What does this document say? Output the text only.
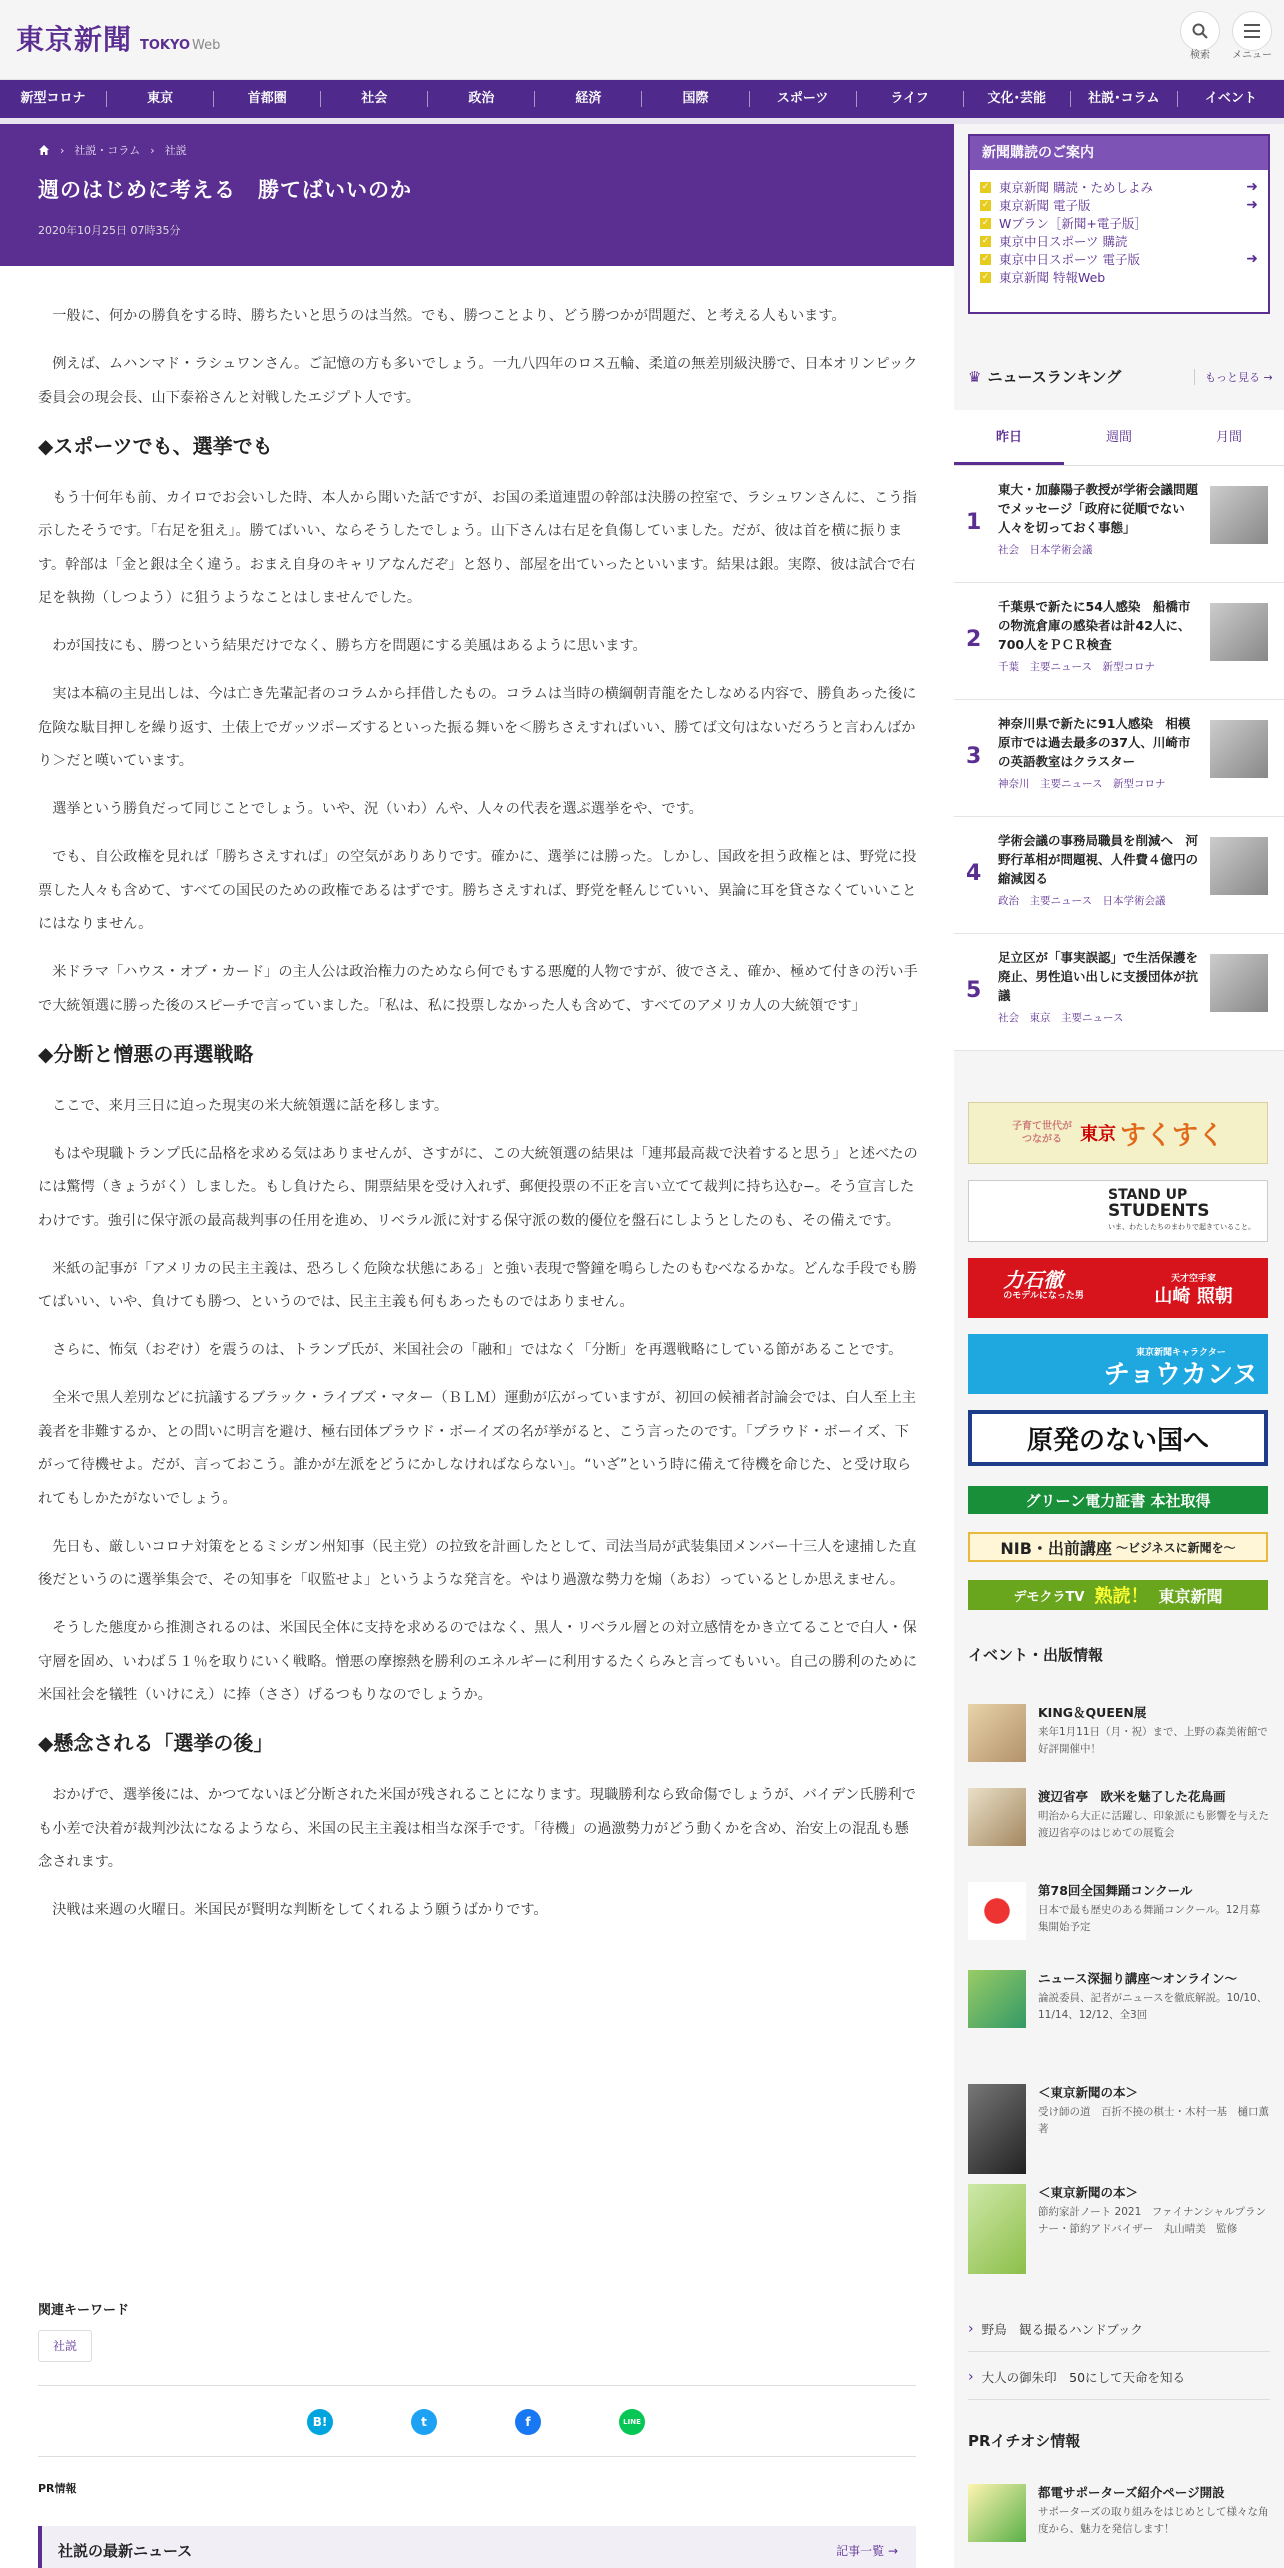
東京新聞 TOKYO Web
検索	メニュー
新型コロナ	東京	首都圏	社会	政治	経済	国際	スポーツ	ライフ	文化･芸能	社説･コラム	イベント
› 社説・コラム › 社説
週のはじめに考える　勝てばいいのか
2020年10月25日 07時35分

一般に、何かの勝負をする時、勝ちたいと思うのは当然。でも、勝つことより、どう勝つかが問題だ、と考える人もいます。

例えば、ムハンマド・ラシュワンさん。ご記憶の方も多いでしょう。一九八四年のロス五輪、柔道の無差別級決勝で、日本オリンピック委員会の現会長、山下泰裕さんと対戦したエジプト人です。

◆スポーツでも、選挙でも

もう十何年も前、カイロでお会いした時、本人から聞いた話ですが、お国の柔道連盟の幹部は決勝の控室で、ラシュワンさんに、こう指示したそうです。「右足を狙え」。勝てばいい、ならそうしたでしょう。山下さんは右足を負傷していました。だが、彼は首を横に振ります。幹部は「金と銀は全く違う。おまえ自身のキャリアなんだぞ」と怒り、部屋を出ていったといいます。結果は銀。実際、彼は試合で右足を執拗（しつよう）に狙うようなことはしませんでした。

わが国技にも、勝つという結果だけでなく、勝ち方を問題にする美風はあるように思います。

実は本稿の主見出しは、今は亡き先輩記者のコラムから拝借したもの。コラムは当時の横綱朝青龍をたしなめる内容で、勝負あった後に危険な駄目押しを繰り返す、土俵上でガッツポーズするといった振る舞いを＜勝ちさえすればいい、勝てば文句はないだろうと言わんばかり＞だと嘆いています。

選挙という勝負だって同じことでしょう。いや、況（いわ）んや、人々の代表を選ぶ選挙をや、です。

でも、自公政権を見れば「勝ちさえすれば」の空気がありありです。確かに、選挙には勝った。しかし、国政を担う政権とは、野党に投票した人々も含めて、すべての国民のための政権であるはずです。勝ちさえすれば、野党を軽んじていい、異論に耳を貸さなくていいことにはなりません。

米ドラマ「ハウス・オブ・カード」の主人公は政治権力のためなら何でもする悪魔的人物ですが、彼でさえ、確か、極めて付きの汚い手で大統領選に勝った後のスピーチで言っていました。「私は、私に投票しなかった人も含めて、すべてのアメリカ人の大統領です」

◆分断と憎悪の再選戦略

ここで、来月三日に迫った現実の米大統領選に話を移します。

もはや現職トランプ氏に品格を求める気はありませんが、さすがに、この大統領選の結果は「連邦最高裁で決着すると思う」と述べたのには驚愕（きょうがく）しました。もし負けたら、開票結果を受け入れず、郵便投票の不正を言い立てて裁判に持ち込む−。そう宣言したわけです。強引に保守派の最高裁判事の任用を進め、リベラル派に対する保守派の数的優位を盤石にしようとしたのも、その備えです。

米紙の記事が「アメリカの民主主義は、恐ろしく危険な状態にある」と強い表現で警鐘を鳴らしたのもむべなるかな。どんな手段でも勝てばいい、いや、負けても勝つ、というのでは、民主主義も何もあったものではありません。

さらに、怖気（おぞけ）を震うのは、トランプ氏が、米国社会の「融和」ではなく「分断」を再選戦略にしている節があることです。

全米で黒人差別などに抗議するブラック・ライブズ・マター（ＢＬＭ）運動が広がっていますが、初回の候補者討論会では、白人至上主義者を非難するか、との問いに明言を避け、極右団体プラウド・ボーイズの名が挙がると、こう言ったのです。「プラウド・ボーイズ、下がって待機せよ。だが、言っておこう。誰かが左派をどうにかしなければならない」。“いざ”という時に備えて待機を命じた、と受け取られてもしかたがないでしょう。

先日も、厳しいコロナ対策をとるミシガン州知事（民主党）の拉致を計画したとして、司法当局が武装集団メンバー十三人を逮捕した直後だというのに選挙集会で、その知事を「収監せよ」というような発言を。やはり過激な勢力を煽（あお）っているとしか思えません。

そうした態度から推測されるのは、米国民全体に支持を求めるのではなく、黒人・リベラル層との対立感情をかき立てることで白人・保守層を固め、いわば５１％を取りにいく戦略。憎悪の摩擦熱を勝利のエネルギーに利用するたくらみと言ってもいい。自己の勝利のために米国社会を犠牲（いけにえ）に捧（ささ）げるつもりなのでしょうか。

◆懸念される「選挙の後」

おかげで、選挙後には、かつてないほど分断された米国が残されることになります。現職勝利なら致命傷でしょうが、バイデン氏勝利でも小差で決着が裁判沙汰になるようなら、米国の民主主義は相当な深手です。「待機」の過激勢力がどう動くかを含め、治安上の混乱も懸念されます。

決戦は来週の火曜日。米国民が賢明な判断をしてくれるよう願うばかりです。

関連キーワード
社説
B!	t	f	LINE
PR情報
社説の最新ニュース	記事一覧 →
新聞購読のご案内
✓ 東京新聞 購読・ためしよみ	➜
✓ 東京新聞 電子版	➜
✓ Wプラン［新聞+電子版］
✓ 東京中日スポーツ 購読
✓ 東京中日スポーツ 電子版	➜
✓ 東京新聞 特報Web
♛ ニュースランキング	もっと見る →
昨日	週間	月間
1
東大・加藤陽子教授が学術会議問題でメッセージ「政府に従順でない人々を切っておく事態」
社会　日本学術会議
2
千葉県で新たに54人感染　船橋市の物流倉庫の感染者は計42人に、700人をＰＣＲ検査
千葉　主要ニュース　新型コロナ
3
神奈川県で新たに91人感染　相模原市では過去最多の37人、川崎市の英語教室はクラスター
神奈川　主要ニュース　新型コロナ
4
学術会議の事務局職員を削減へ　河野行革相が問題視、人件費４億円の縮減図る
政治　主要ニュース　日本学術会議
5
足立区が「事実誤認」で生活保護を廃止、男性追い出しに支援団体が抗議
社会　東京　主要ニュース
子育て世代が
つながる	東京 すくすく
STAND UP
STUDENTS
いま、わたしたちのまわりで起きていること。
力石徹
のモデルになった男
天才空手家
山崎 照朝
東京新聞キャラクター
チョウカンヌ
原発のない国へ
グリーン電力証書 本社取得
NIB・出前講座 〜ビジネスに新聞を〜
デモクラTV 熟読！ 東京新聞
イベント・出版情報
KING＆QUEEN展
来年1月11日（月・祝）まで、上野の森美術館で好評開催中！
渡辺省亭　欧米を魅了した花鳥画
明治から大正に活躍し、印象派にも影響を与えた渡辺省亭のはじめての展覧会
第78回全国舞踊コンクール
日本で最も歴史のある舞踊コンクール。12月募集開始予定
ニュース深掘り講座～オンライン～
論説委員、記者がニュースを徹底解説。10/10、11/14、12/12、全3回
＜東京新聞の本＞
受け師の道　百折不撓の棋士・木村一基　樋口薫　著
＜東京新聞の本＞
節約家計ノート 2021　ファイナンシャルプランナー・節約アドバイザー　丸山晴美　監修
› 野鳥　観る撮るハンドブック
› 大人の御朱印　50にして天命を知る
PRイチオシ情報
都電サポーターズ紹介ページ開設
サポーターズの取り組みをはじめとして様々な角度から、魅力を発信します！
